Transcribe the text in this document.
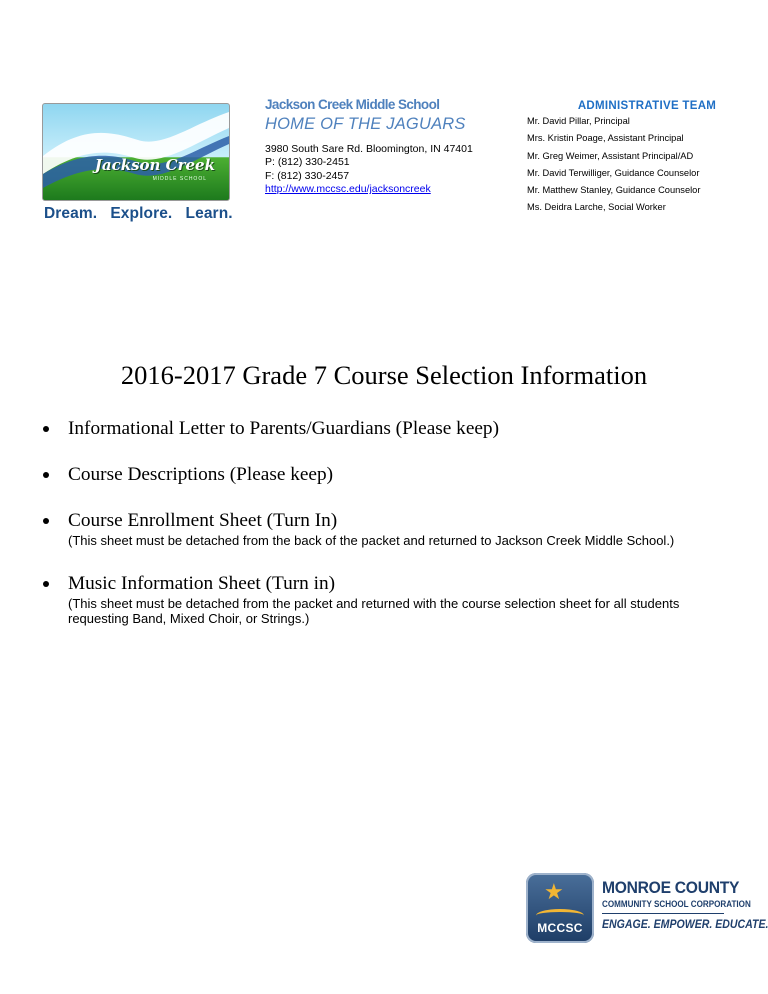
Jackson Creek
MIDDLE SCHOOL
Dream.   Explore.   Learn.

Jackson Creek Middle School

HOME OF THE JAGUARS

3980 South Sare Rd. Bloomington, IN 47401
P: (812) 330-2451
F: (812) 330-2457
http://www.mccsc.edu/jacksoncreek

ADMINISTRATIVE TEAM

Mr. David Pillar, Principal
Mrs. Kristin Poage, Assistant Principal
Mr. Greg Weimer, Assistant Principal/AD
Mr. David Terwilliger, Guidance Counselor
Mr. Matthew Stanley, Guidance Counselor
Ms. Deidra Larche, Social Worker
2016-2017 Grade 7 Course Selection Information
Informational Letter to Parents/Guardians (Please keep)
Course Descriptions (Please keep)
Course Enrollment Sheet (Turn In)
(This sheet must be detached from the back of the packet and returned to Jackson Creek Middle School.)
Music Information Sheet (Turn in)
(This sheet must be detached from the packet and returned with the course selection sheet for all students requesting Band, Mixed Choir, or Strings.)
★
MCCSC
MONROE COUNTY
COMMUNITY SCHOOL CORPORATION
ENGAGE. EMPOWER. EDUCATE.
